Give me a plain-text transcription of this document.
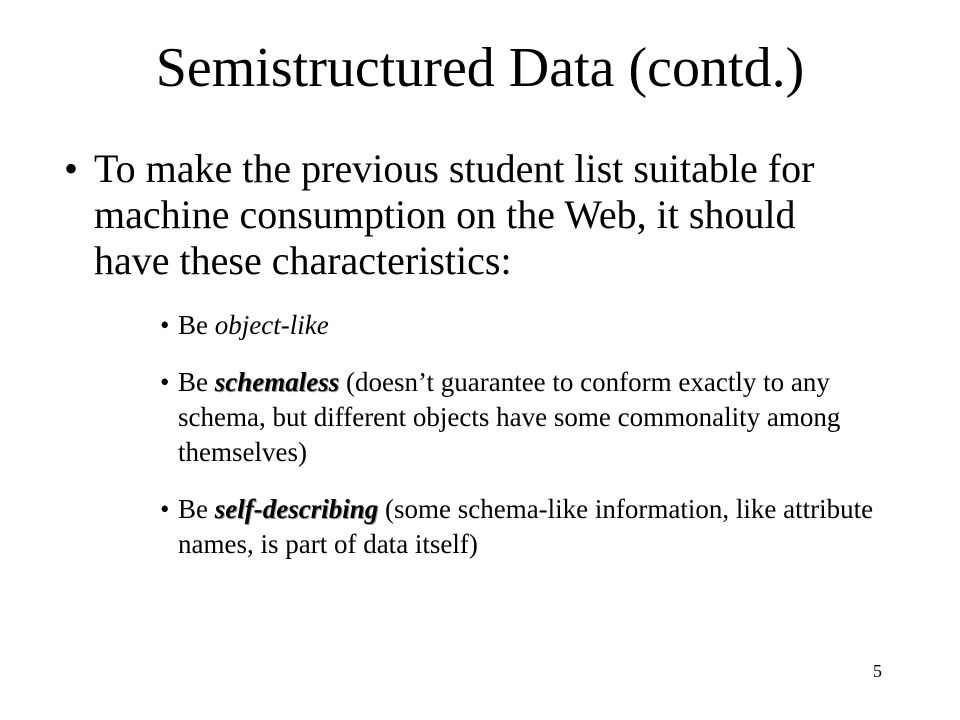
Semistructured Data (contd.)
• To make the previous student list suitable for machine consumption on the Web, it should have these characteristics:
• Be object-like
• Be schemaless (doesn’t guarantee to conform exactly to any schema, but different objects have some commonality among themselves)
• Be self-describing (some schema-like information, like attribute names, is part of data itself)
5
